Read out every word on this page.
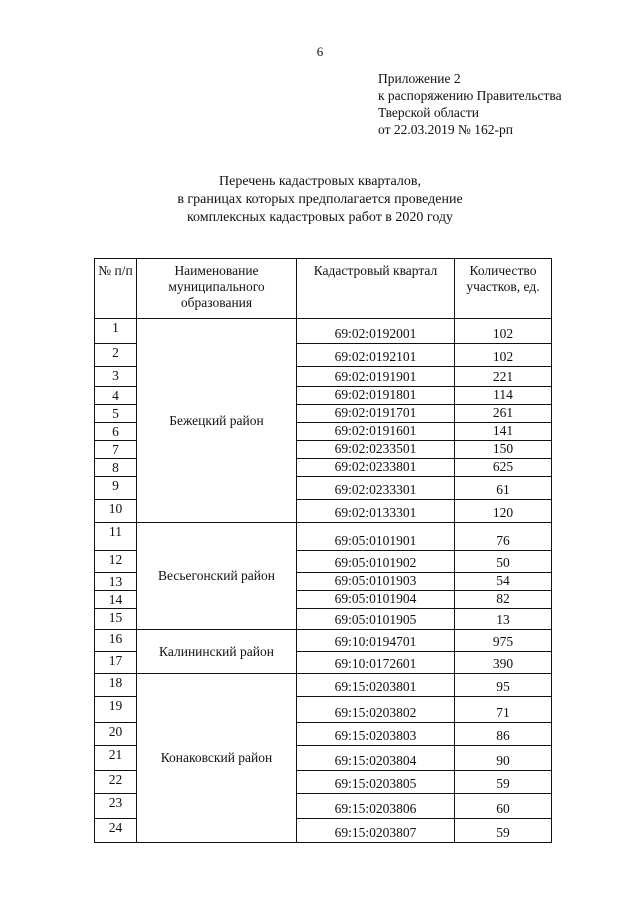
6
Приложение 2
к распоряжению Правительства
Тверской области
от 22.03.2019 № 162-рп
Перечень кадастровых кварталов,
в границах которых предполагается проведение
комплексных кадастровых работ в 2020 году
№ п/п	Наименование муниципального образования	Кадастровый квартал	Количество участков, ед.
1	Бежецкий район	69:02:0192001	102
2		69:02:0192101	102
3		69:02:0191901	221
4		69:02:0191801	114
5		69:02:0191701	261
6		69:02:0191601	141
7		69:02:0233501	150
8		69:02:0233801	625
9		69:02:0233301	61
10		69:02:0133301	120
11	Весьегонский район	69:05:0101901	76
12		69:05:0101902	50
13		69:05:0101903	54
14		69:05:0101904	82
15		69:05:0101905	13
16	Калининский район	69:10:0194701	975
17		69:10:0172601	390
18	Конаковский район	69:15:0203801	95
19		69:15:0203802	71
20		69:15:0203803	86
21		69:15:0203804	90
22		69:15:0203805	59
23		69:15:0203806	60
24		69:15:0203807	59
